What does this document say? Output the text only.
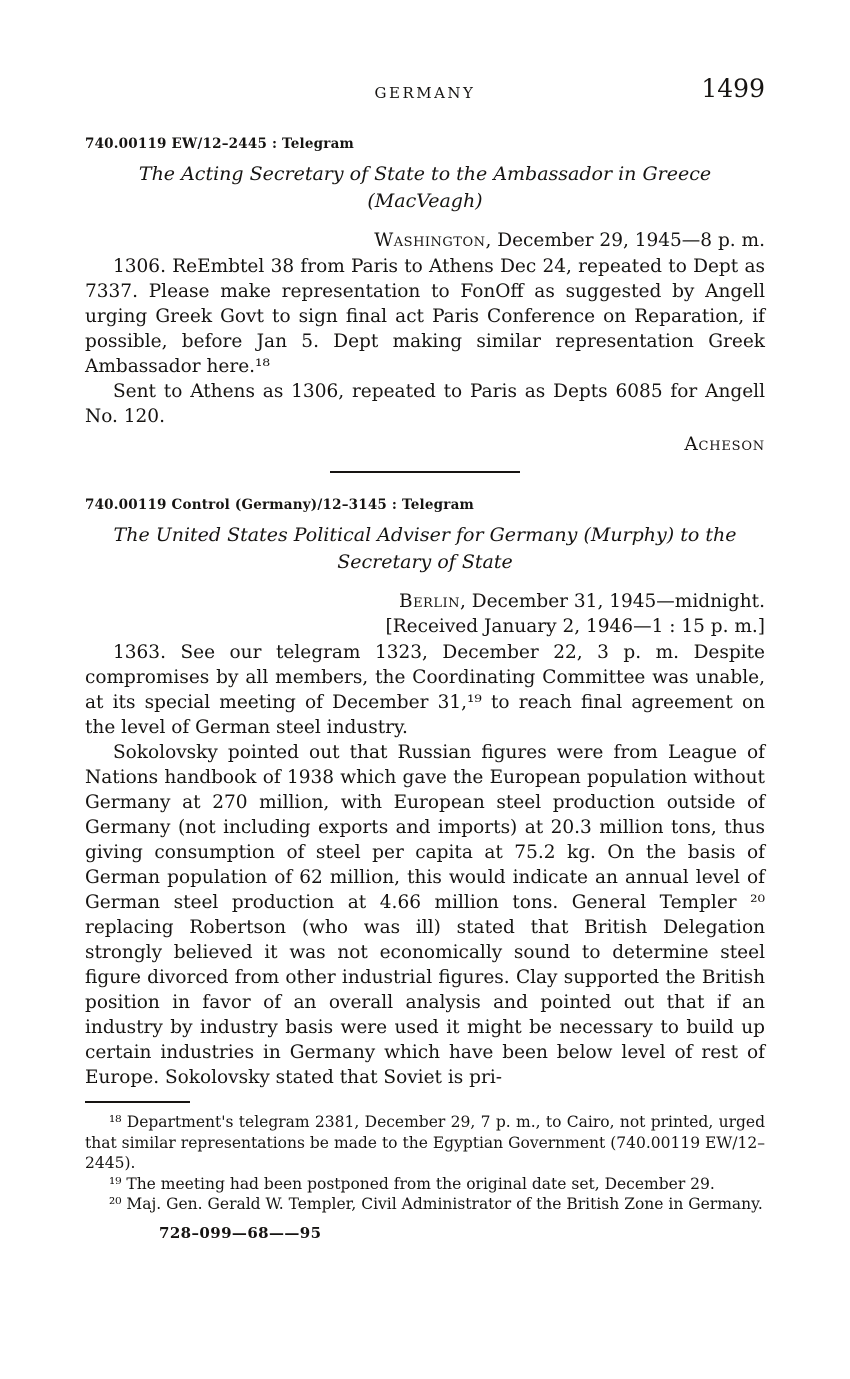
GERMANY	1499
740.00119 EW/12–2445 : Telegram
The Acting Secretary of State to the Ambassador in Greece
(MacVeagh)
Washington, December 29, 1945—8 p. m.

1306. ReEmbtel 38 from Paris to Athens Dec 24, repeated to Dept as 7337. Please make representation to FonOff as suggested by Angell urging Greek Govt to sign final act Paris Conference on Reparation, if possible, before Jan 5. Dept making similar representation Greek Ambassador here.¹⁸

Sent to Athens as 1306, repeated to Paris as Depts 6085 for Angell No. 120.

Acheson
740.00119 Control (Germany)/12–3145 : Telegram
The United States Political Adviser for Germany (Murphy) to the
Secretary of State
Berlin, December 31, 1945—midnight.
[Received January 2, 1946—1 : 15 p. m.]

1363. See our telegram 1323, December 22, 3 p. m. Despite compromises by all members, the Coordinating Committee was unable, at its special meeting of December 31,¹⁹ to reach final agreement on the level of German steel industry.

Sokolovsky pointed out that Russian figures were from League of Nations handbook of 1938 which gave the European population without Germany at 270 million, with European steel production outside of Germany (not including exports and imports) at 20.3 million tons, thus giving consumption of steel per capita at 75.2 kg. On the basis of German population of 62 million, this would indicate an annual level of German steel production at 4.66 million tons. General Templer ²⁰ replacing Robertson (who was ill) stated that British Delegation strongly believed it was not economically sound to determine steel figure divorced from other industrial figures. Clay supported the British position in favor of an overall analysis and pointed out that if an industry by industry basis were used it might be necessary to build up certain industries in Germany which have been below level of rest of Europe. Sokolovsky stated that Soviet is pri-

¹⁸ Department's telegram 2381, December 29, 7 p. m., to Cairo, not printed, urged that similar representations be made to the Egyptian Government (740.00119 EW/12–2445).

¹⁹ The meeting had been postponed from the original date set, December 29.

²⁰ Maj. Gen. Gerald W. Templer, Civil Administrator of the British Zone in Germany.

728–099—68——95
